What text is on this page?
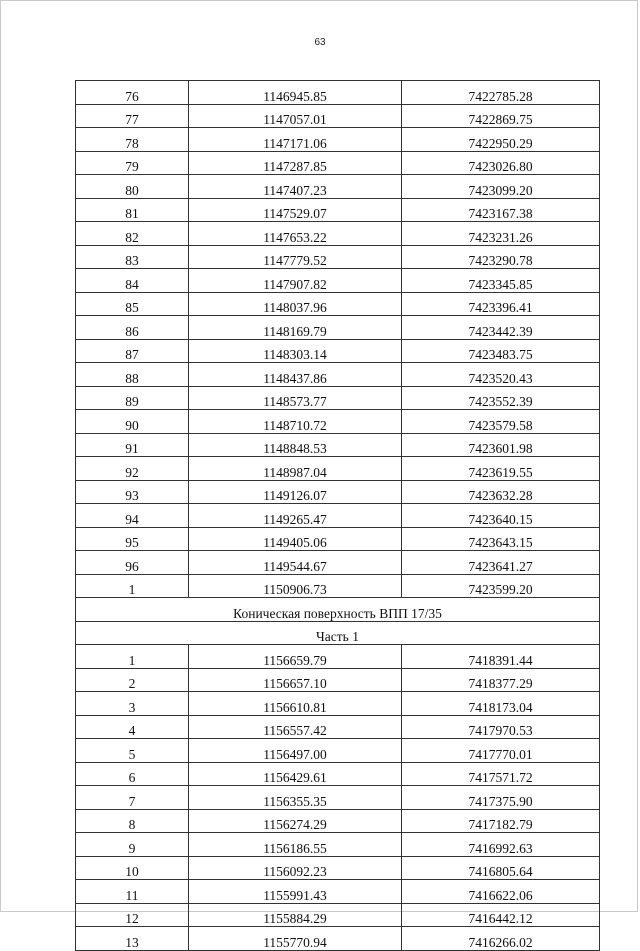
63
76	1146945.85	7422785.28
77	1147057.01	7422869.75
78	1147171.06	7422950.29
79	1147287.85	7423026.80
80	1147407.23	7423099.20
81	1147529.07	7423167.38
82	1147653.22	7423231.26
83	1147779.52	7423290.78
84	1147907.82	7423345.85
85	1148037.96	7423396.41
86	1148169.79	7423442.39
87	1148303.14	7423483.75
88	1148437.86	7423520.43
89	1148573.77	7423552.39
90	1148710.72	7423579.58
91	1148848.53	7423601.98
92	1148987.04	7423619.55
93	1149126.07	7423632.28
94	1149265.47	7423640.15
95	1149405.06	7423643.15
96	1149544.67	7423641.27
1	1150906.73	7423599.20
Коническая поверхность ВПП 17/35		
Часть 1		
1	1156659.79	7418391.44
2	1156657.10	7418377.29
3	1156610.81	7418173.04
4	1156557.42	7417970.53
5	1156497.00	7417770.01
6	1156429.61	7417571.72
7	1156355.35	7417375.90
8	1156274.29	7417182.79
9	1156186.55	7416992.63
10	1156092.23	7416805.64
11	1155991.43	7416622.06
12	1155884.29	7416442.12
13	1155770.94	7416266.02
